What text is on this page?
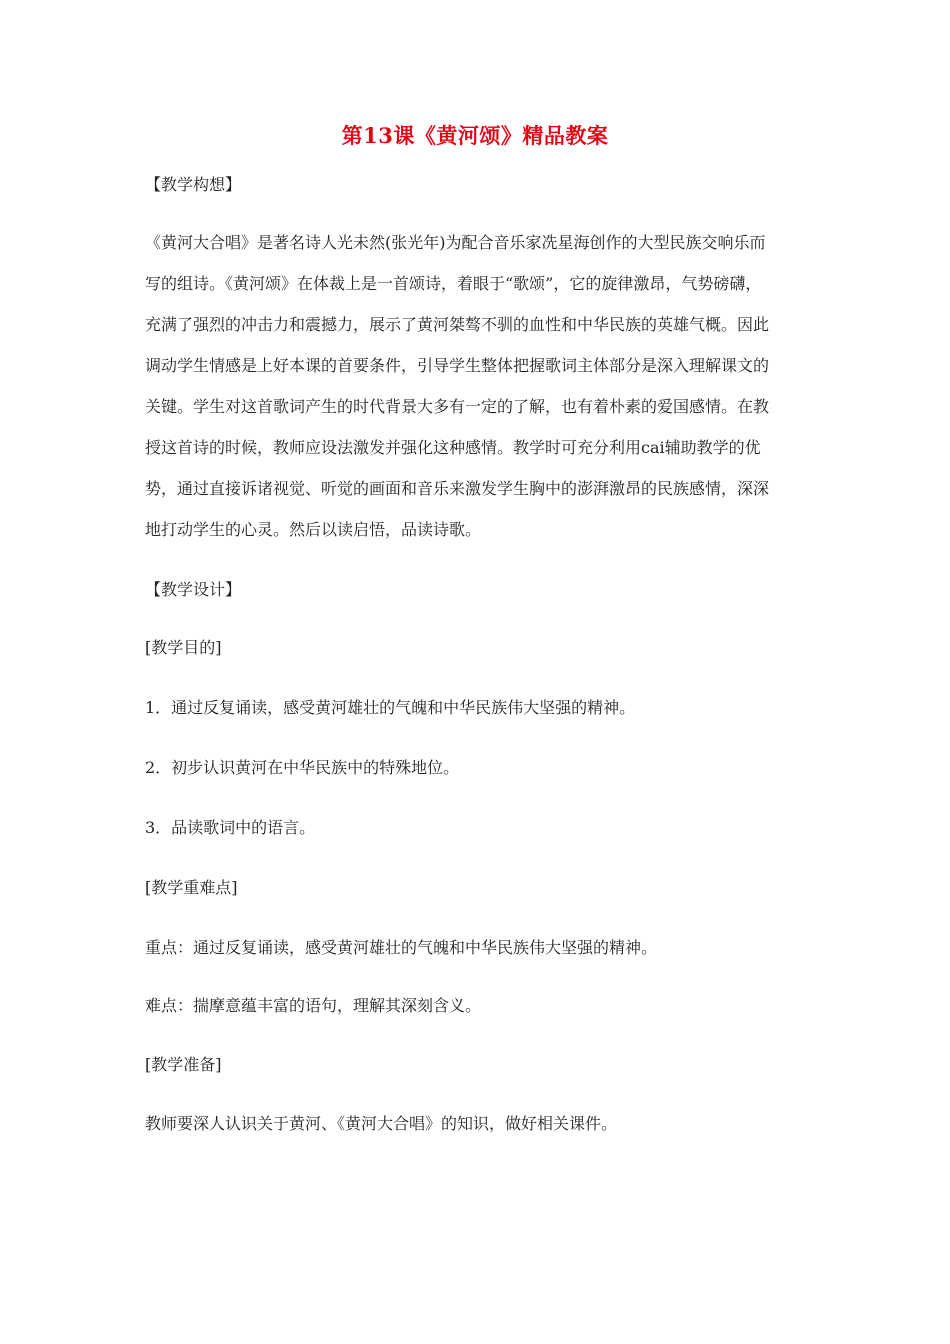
第13课《黄河颂》精品教案
【教学构想】
《黄河大合唱》是著名诗人光未然(张光年)为配合音乐家冼星海创作的大型民族交响乐而
写的组诗。《黄河颂》在体裁上是一首颂诗，着眼于“歌颂”，它的旋律激昂，气势磅礴，
充满了强烈的冲击力和震撼力，展示了黄河桀骜不驯的血性和中华民族的英雄气概。因此
调动学生情感是上好本课的首要条件，引导学生整体把握歌词主体部分是深入理解课文的
关键。学生对这首歌词产生的时代背景大多有一定的了解，也有着朴素的爱国感情。在教
授这首诗的时候，教师应设法激发并强化这种感情。教学时可充分利用cai辅助教学的优
势，通过直接诉诸视觉、听觉的画面和音乐来激发学生胸中的澎湃激昂的民族感情，深深
地打动学生的心灵。然后以读启悟，品读诗歌。
【教学设计】
[教学目的]
1．通过反复诵读，感受黄河雄壮的气魄和中华民族伟大坚强的精神。
2．初步认识黄河在中华民族中的特殊地位。
3．品读歌词中的语言。
[教学重难点]
重点：通过反复诵读，感受黄河雄壮的气魄和中华民族伟大坚强的精神。
难点：揣摩意蕴丰富的语句，理解其深刻含义。
[教学准备]
教师要深人认识关于黄河、《黄河大合唱》的知识，做好相关课件。
